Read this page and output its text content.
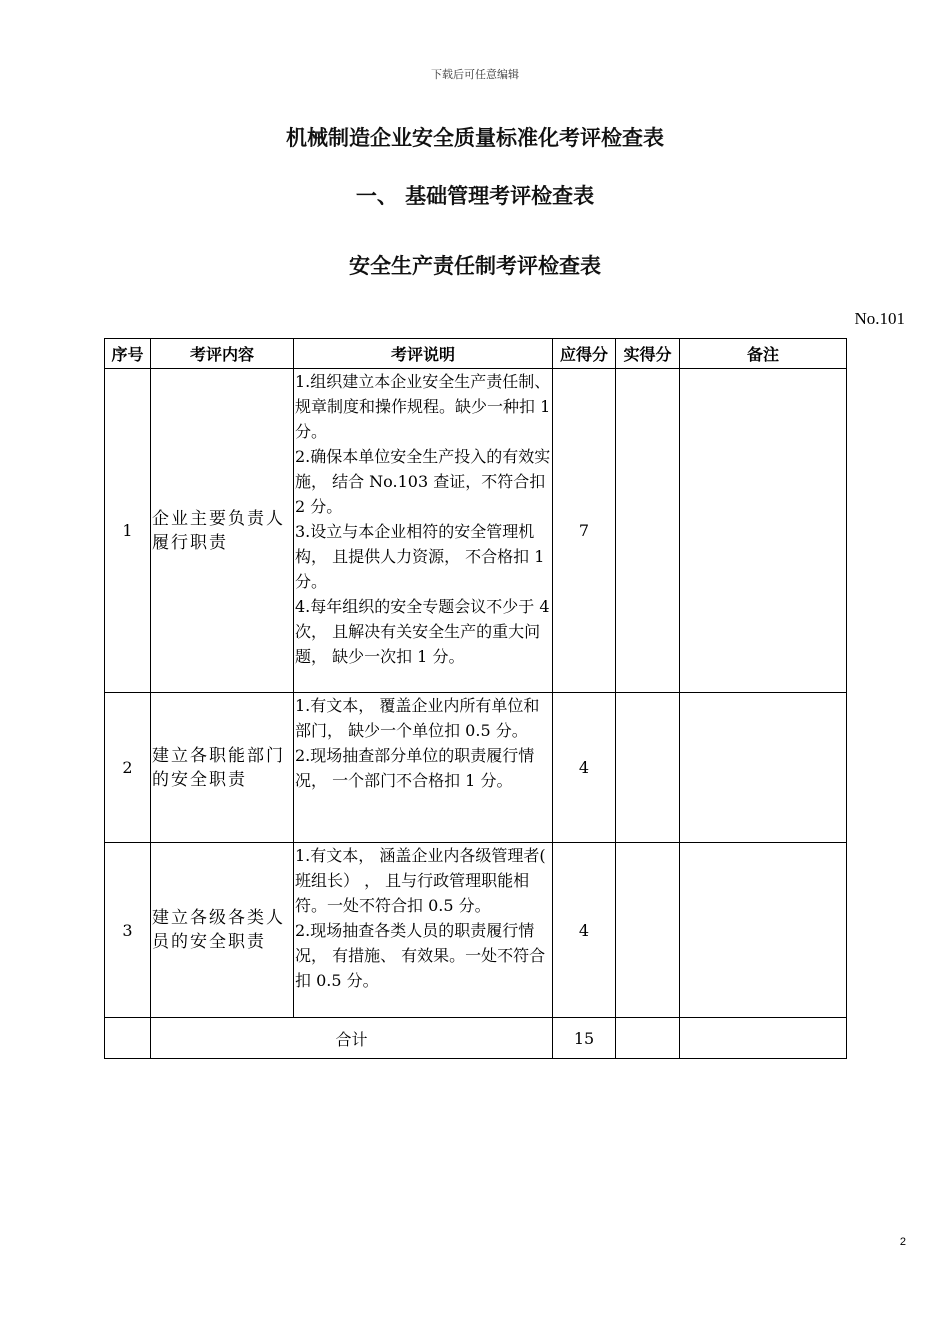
下载后可任意编辑
机械制造企业安全质量标准化考评检查表
一、 基础管理考评检查表
安全生产责任制考评检查表
No.101
序号	考评内容	考评说明	应得分	实得分	备注
1	企业主要负责人履行职责	1.组织建立本企业安全生产责任制、 规章制度和操作规程。缺少一种扣 1 分。
2.确保本单位安全生产投入的有效实施， 结合 No.103 查证，不符合扣 2 分。
3.设立与本企业相符的安全管理机构， 且提供人力资源， 不合格扣 1 分。
4.每年组织的安全专题会议不少于 4 次， 且解决有关安全生产的重大问题， 缺少一次扣 1 分。	7		
2	建立各职能部门的安全职责	1.有文本， 覆盖企业内所有单位和部门， 缺少一个单位扣 0.5 分。
2.现场抽查部分单位的职责履行情况， 一个部门不合格扣 1 分。	4		
3	建立各级各类人员的安全职责	1.有文本， 涵盖企业内各级管理者( 班组长） ， 且与行政管理职能相符。一处不符合扣 0.5 分。
2.现场抽查各类人员的职责履行情况， 有措施、 有效果。一处不符合扣 0.5 分。	4		
	合计		15		
2
